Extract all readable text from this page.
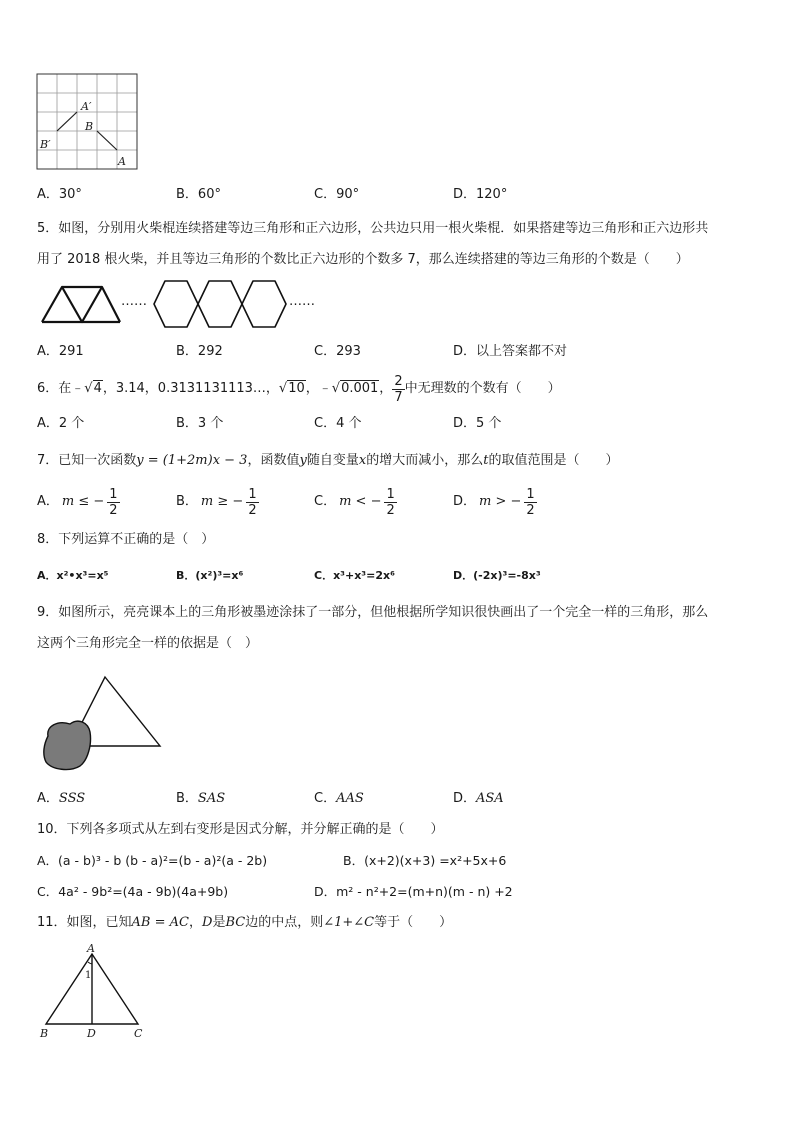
A′
B
B′
A
A．30°	B．60°	C．90°	D．120°
5．如图，分别用火柴棍连续搭建等边三角形和正六边形，公共边只用一根火柴棍．如果搭建等边三角形和正六边形共
用了 2018 根火柴，并且等边三角形的个数比正六边形的个数多 7，那么连续搭建的等边三角形的个数是（　　）
……	……
A．291	B．292	C．293	D．以上答案都不对
6．在﹣ √4 ，3.14，0.3131131113…， √10 ，﹣ √0.001 ， $\frac{2}{7}$ 中无理数的个数有（　　）
A．2 个	B．3 个	C．4 个	D．5 个
7．已知一次函数y = (1+2m)x − 3，函数值y随自变量x的增大而减小，那么t的取值范围是（　　）
A． m ≤ − $\frac{1}{2}$	B． m ≥ − $\frac{1}{2}$	C． m < − $\frac{1}{2}$	D． m > − $\frac{1}{2}$
8．下列运算不正确的是（　）
A．x²•x³=x⁵	B．(x²)³=x⁶	C．x³+x³=2x⁶	D．(-2x)³=-8x³
9．如图所示，亮亮课本上的三角形被墨迹涂抹了一部分，但他根据所学知识很快画出了一个完全一样的三角形，那么
这两个三角形完全一样的依据是（　）
A．SSS	B．SAS	C．AAS	D．ASA
10．下列各多项式从左到右变形是因式分解，并分解正确的是（　　）
A．(a - b)³ - b (b - a)²=(b - a)²(a - 2b)	B．(x+2)(x+3) =x²+5x+6
C．4a² - 9b²=(4a - 9b)(4a+9b)	D．m² - n²+2=(m+n)(m - n) +2
11．如图，已知AB = AC，D是BC边的中点，则∠1+∠C等于（　　）
A
1
B	D	C
